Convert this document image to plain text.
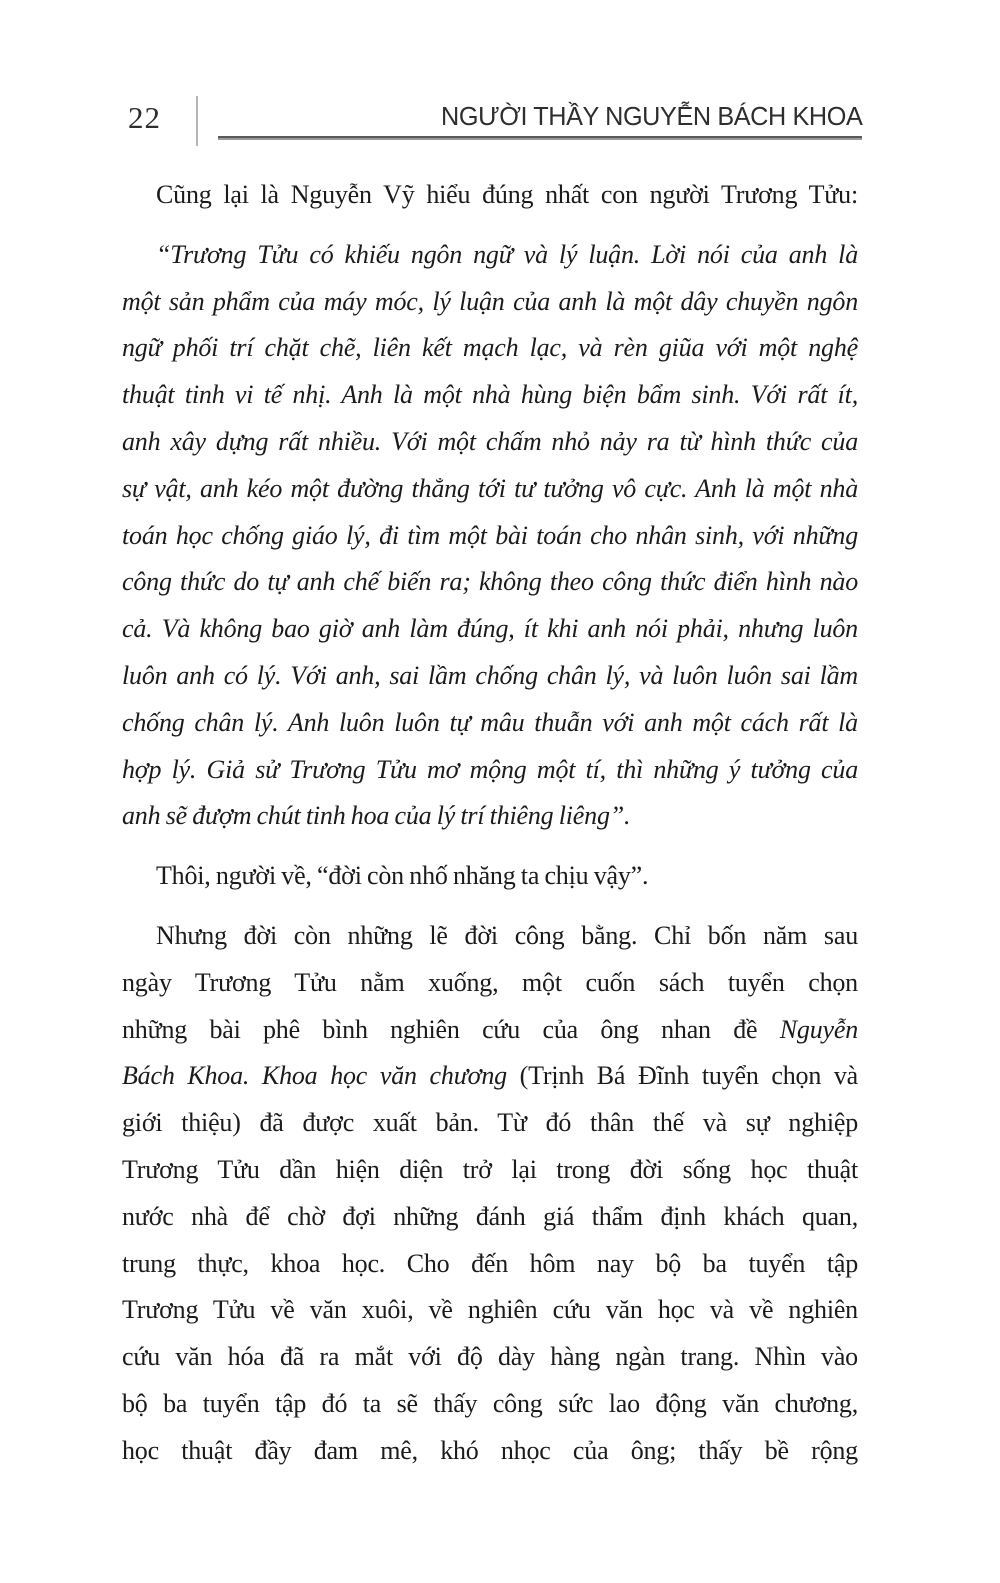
22	NGƯỜI THẦY NGUYỄN BÁCH KHOA
Cũng lại là Nguyễn Vỹ hiểu đúng nhất con người Trương Tửu:
“Trương Tửu có khiếu ngôn ngữ và lý luận. Lời nói của anh là
một sản phẩm của máy móc, lý luận của anh là một dây chuyền ngôn
ngữ phối trí chặt chẽ, liên kết mạch lạc, và rèn giũa với một nghệ
thuật tinh vi tế nhị. Anh là một nhà hùng biện bẩm sinh. Với rất ít,
anh xây dựng rất nhiều. Với một chấm nhỏ nảy ra từ hình thức của
sự vật, anh kéo một đường thẳng tới tư tưởng vô cực. Anh là một nhà
toán học chống giáo lý, đi tìm một bài toán cho nhân sinh, với những
công thức do tự anh chế biến ra; không theo công thức điển hình nào
cả. Và không bao giờ anh làm đúng, ít khi anh nói phải, nhưng luôn
luôn anh có lý. Với anh, sai lầm chống chân lý, và luôn luôn sai lầm
chống chân lý. Anh luôn luôn tự mâu thuẫn với anh một cách rất là
hợp lý. Giả sử Trương Tửu mơ mộng một tí, thì những ý tưởng của
anh sẽ đượm chút tinh hoa của lý trí thiêng liêng”.
Thôi, người về, “đời còn nhố nhăng ta chịu vậy”.
Nhưng đời còn những lẽ đời công bằng. Chỉ bốn năm sau
ngày Trương Tửu nằm xuống, một cuốn sách tuyển chọn
những bài phê bình nghiên cứu của ông nhan đề Nguyễn
Bách Khoa. Khoa học văn chương (Trịnh Bá Đĩnh tuyển chọn và
giới thiệu) đã được xuất bản. Từ đó thân thế và sự nghiệp
Trương Tửu dần hiện diện trở lại trong đời sống học thuật
nước nhà để chờ đợi những đánh giá thẩm định khách quan,
trung thực, khoa học. Cho đến hôm nay bộ ba tuyển tập
Trương Tửu về văn xuôi, về nghiên cứu văn học và về nghiên
cứu văn hóa đã ra mắt với độ dày hàng ngàn trang. Nhìn vào
bộ ba tuyển tập đó ta sẽ thấy công sức lao động văn chương,
học thuật đầy đam mê, khó nhọc của ông; thấy bề rộng
